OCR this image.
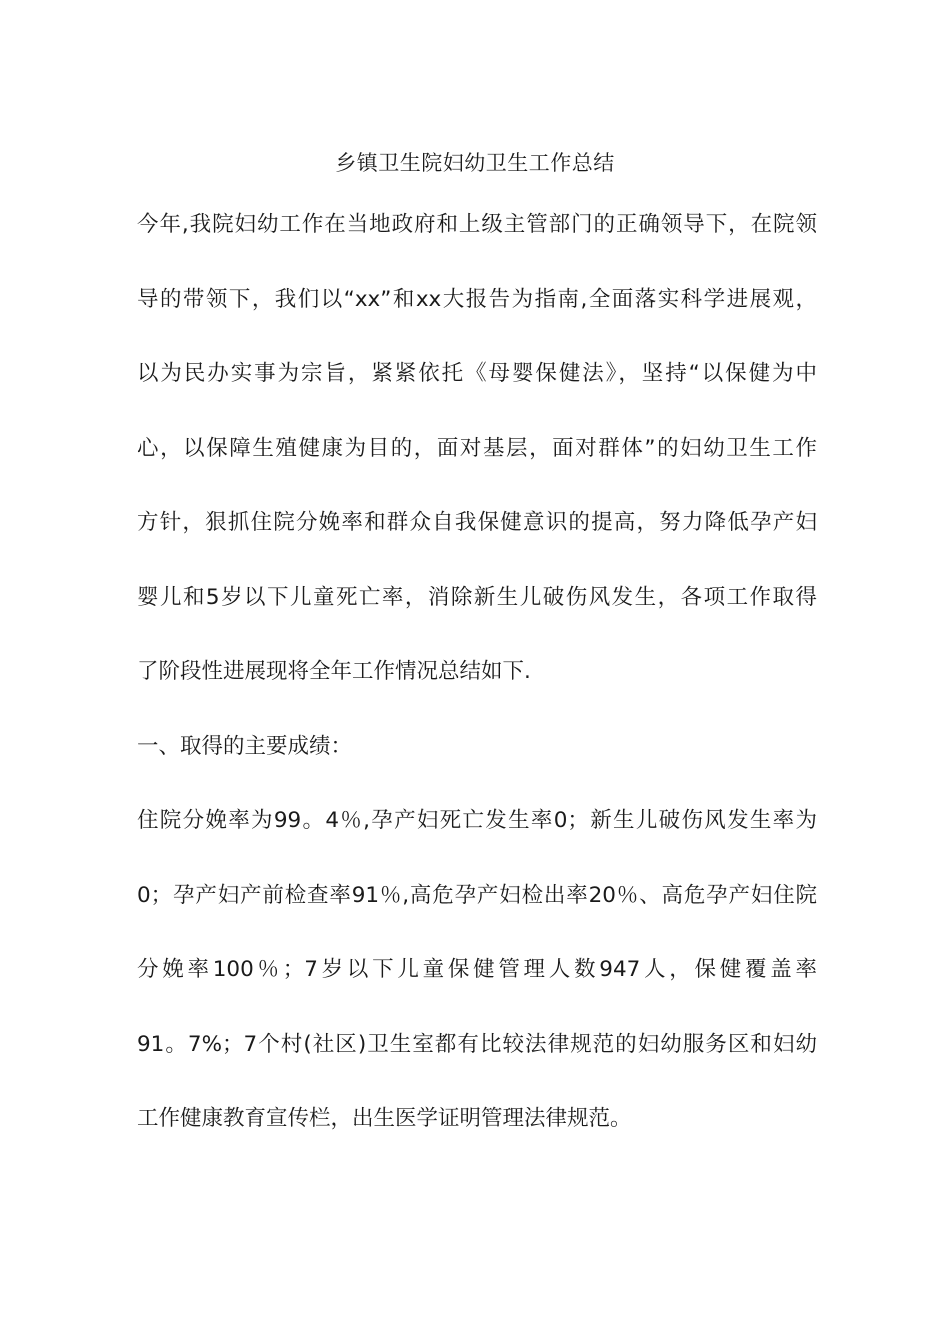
乡镇卫生院妇幼卫生工作总结
今年,我院妇幼工作在当地政府和上级主管部门的正确领导下，在院领
导的带领下，我们以“xx”和xx大报告为指南,全面落实科学进展观，
以为民办实事为宗旨，紧紧依托《母婴保健法》，坚持“以保健为中
心，以保障生殖健康为目的，面对基层，面对群体”的妇幼卫生工作
方针，狠抓住院分娩率和群众自我保健意识的提高，努力降低孕产妇
婴儿和5岁以下儿童死亡率，消除新生儿破伤风发生，各项工作取得
了阶段性进展现将全年工作情况总结如下.
一、取得的主要成绩：
住院分娩率为99。4％,孕产妇死亡发生率0；新生儿破伤风发生率为
0；孕产妇产前检查率91％,高危孕产妇检出率20％、高危孕产妇住院
分娩率100％；7岁以下儿童保健管理人数947人，保健覆盖率
91。7%；7个村(社区)卫生室都有比较法律规范的妇幼服务区和妇幼
工作健康教育宣传栏，出生医学证明管理法律规范。
